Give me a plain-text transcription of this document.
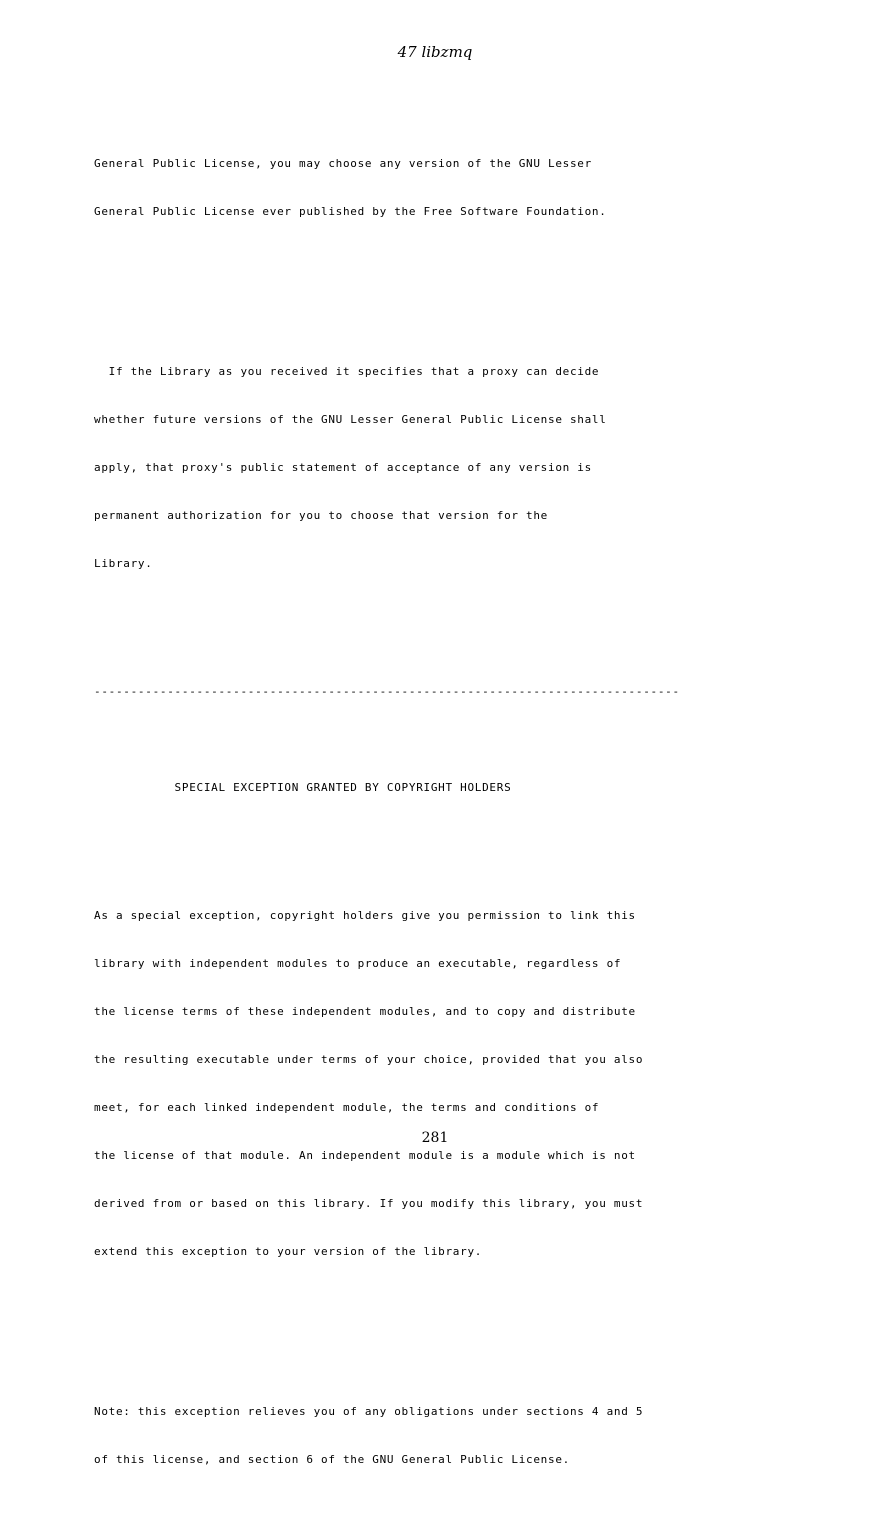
47 libzmq

General Public License, you may choose any version of the GNU Lesser

General Public License ever published by the Free Software Foundation.

If the Library as you received it specifies that a proxy can decide

whether future versions of the GNU Lesser General Public License shall

apply, that proxy's public statement of acceptance of any version is

permanent authorization for you to choose that version for the

Library.

--------------------------------------------------------------------------------

SPECIAL EXCEPTION GRANTED BY COPYRIGHT HOLDERS

As a special exception, copyright holders give you permission to link this

library with independent modules to produce an executable, regardless of

the license terms of these independent modules, and to copy and distribute

the resulting executable under terms of your choice, provided that you also

meet, for each linked independent module, the terms and conditions of

the license of that module. An independent module is a module which is not

derived from or based on this library. If you modify this library, you must

extend this exception to your version of the library.

Note: this exception relieves you of any obligations under sections 4 and 5

of this license, and section 6 of the GNU General Public License.

281
